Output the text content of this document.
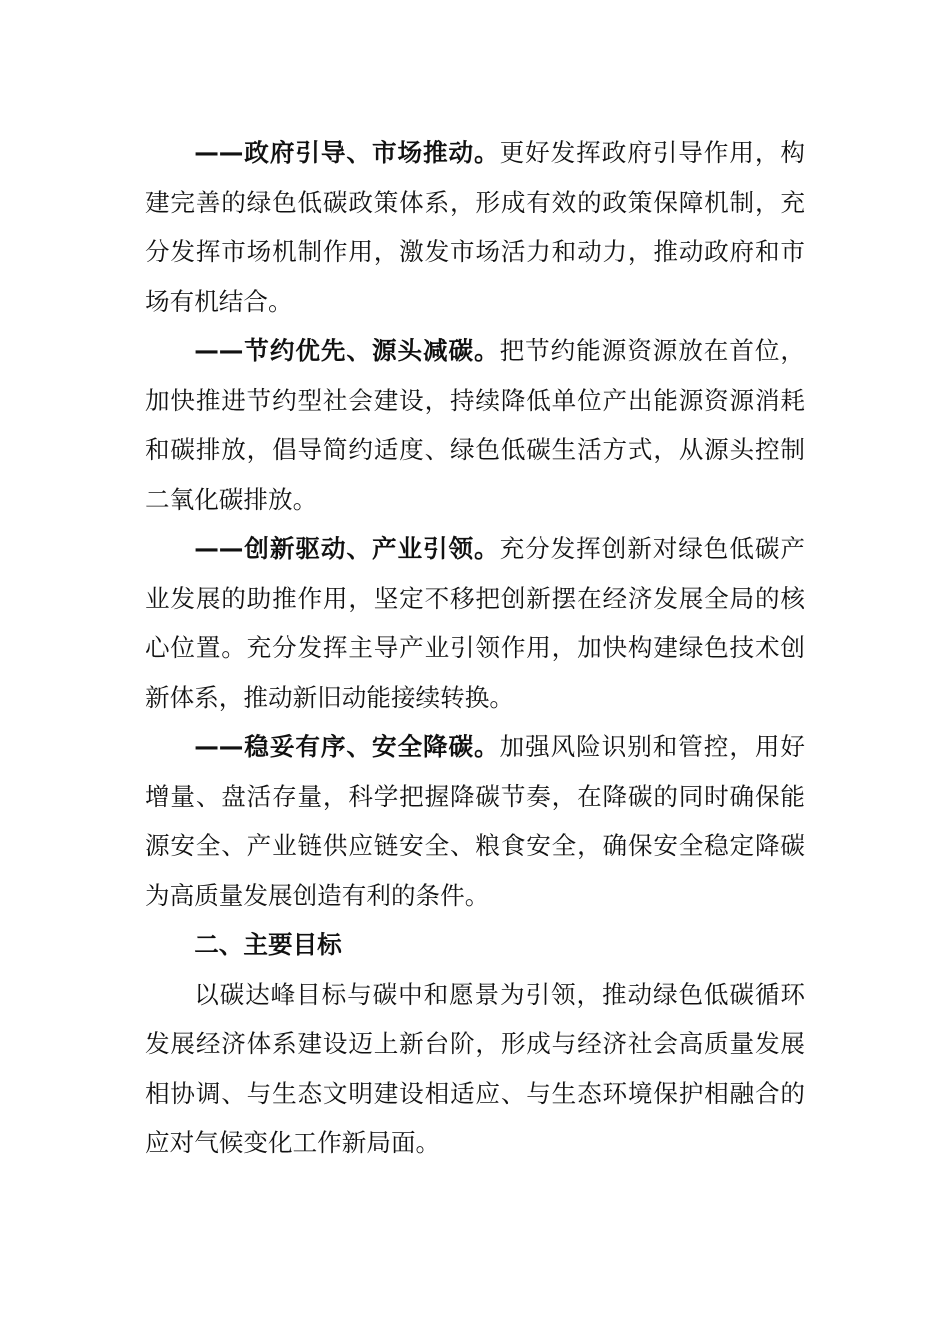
——政府引导、市场推动。更好发挥政府引导作用，构建完善的绿色低碳政策体系，形成有效的政策保障机制，充分发挥市场机制作用，激发市场活力和动力，推动政府和市场有机结合。

——节约优先、源头减碳。把节约能源资源放在首位，加快推进节约型社会建设，持续降低单位产出能源资源消耗和碳排放，倡导简约适度、绿色低碳生活方式，从源头控制二氧化碳排放。

——创新驱动、产业引领。充分发挥创新对绿色低碳产业发展的助推作用，坚定不移把创新摆在经济发展全局的核心位置。充分发挥主导产业引领作用，加快构建绿色技术创新体系，推动新旧动能接续转换。

——稳妥有序、安全降碳。加强风险识别和管控，用好增量、盘活存量，科学把握降碳节奏，在降碳的同时确保能源安全、产业链供应链安全、粮食安全，确保安全稳定降碳为高质量发展创造有利的条件。

二、主要目标

以碳达峰目标与碳中和愿景为引领，推动绿色低碳循环发展经济体系建设迈上新台阶，形成与经济社会高质量发展相协调、与生态文明建设相适应、与生态环境保护相融合的应对气候变化工作新局面。
